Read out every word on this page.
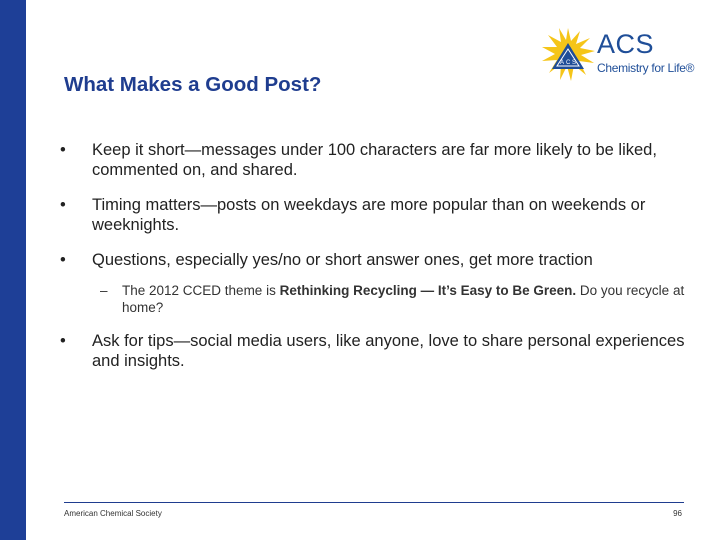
What Makes a Good Post?
A C S
ACS
Chemistry for Life®
•	Keep it short—messages under 100 characters are far more likely to be liked, commented on, and shared.
•	Timing matters—posts on weekdays are more popular than on weekends or weeknights.
•	Questions, especially yes/no or short answer ones, get more traction
– The 2012 CCED theme is Rethinking Recycling — It’s Easy to Be Green. Do you recycle at home?
•	Ask for tips—social media users, like anyone, love to share personal experiences and insights.
American Chemical Society	96
